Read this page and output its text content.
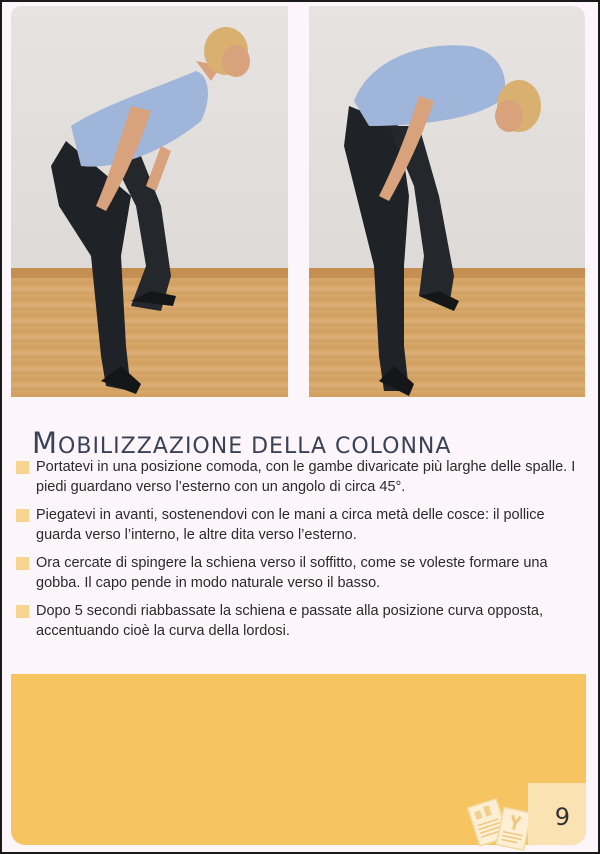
MOBILIZZAZIONE DELLA COLONNA
Portatevi in una posizione comoda, con le gambe divaricate più larghe delle spalle. I piedi guardano verso l’esterno con un angolo di circa 45°.
Piegatevi in avanti, sostenendovi con le mani a circa metà delle cosce: il pollice guarda verso l’interno, le altre dita verso l’esterno.
Ora cercate di spingere la schiena verso il soffitto, come se voleste formare una gobba. Il capo pende in modo naturale verso il basso.
Dopo 5 secondi riabbassate la schiena e passate alla posizione curva opposta, accentuando cioè la curva della lordosi.
9
